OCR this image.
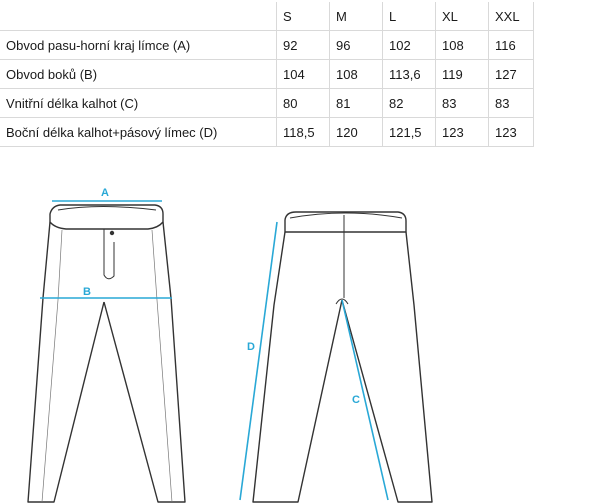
	S	M	L	XL	XXL
Obvod pasu-horní kraj límce (A)	92	96	102	108	116
Obvod boků (B)	104	108	113,6	119	127
Vnitřní délka kalhot (C)	80	81	82	83	83
Boční délka kalhot+pásový límec (D)	118,5	120	121,5	123	123
A
B
D
C
